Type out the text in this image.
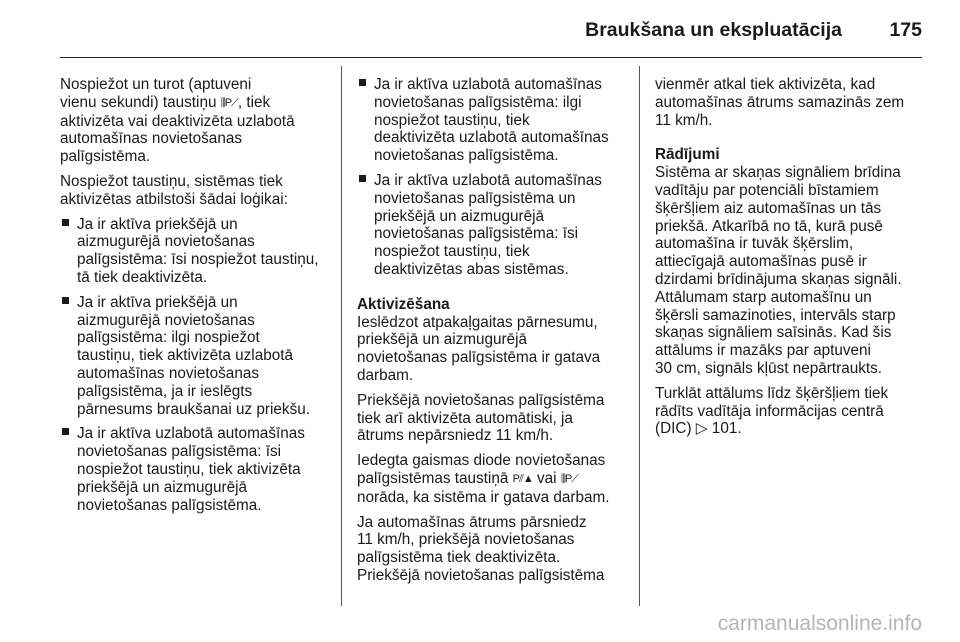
Braukšana un ekspluatācija 175

Nospiežot un turot (aptuveni
vienu sekundi) taustiņu ⫼P⟋, tiek
aktivizēta vai deaktivizēta uzlabotā
automašīnas novietošanas
palīgsistēma.

Nospiežot taustiņu, sistēmas tiek
aktivizētas atbilstoši šādai loģikai:

Ja ir aktīva priekšējā un
aizmugurējā novietošanas
palīgsistēma: īsi nospiežot taustiņu,
tā tiek deaktivizēta.
Ja ir aktīva priekšējā un
aizmugurējā novietošanas
palīgsistēma: ilgi nospiežot
taustiņu, tiek aktivizēta uzlabotā
automašīnas novietošanas
palīgsistēma, ja ir ieslēgts
pārnesums braukšanai uz priekšu.
Ja ir aktīva uzlabotā automašīnas
novietošanas palīgsistēma: īsi
nospiežot taustiņu, tiek aktivizēta
priekšējā un aizmugurējā
novietošanas palīgsistēma.
Ja ir aktīva uzlabotā automašīnas
novietošanas palīgsistēma: ilgi
nospiežot taustiņu, tiek
deaktivizēta uzlabotā automašīnas
novietošanas palīgsistēma.
Ja ir aktīva uzlabotā automašīnas
novietošanas palīgsistēma un
priekšējā un aizmugurējā
novietošanas palīgsistēma: īsi
nospiežot taustiņu, tiek
deaktivizētas abas sistēmas.

Aktivizēšana

Ieslēdzot atpakaļgaitas pārnesumu,
priekšējā un aizmugurējā
novietošanas palīgsistēma ir gatava
darbam.

Priekšējā novietošanas palīgsistēma
tiek arī aktivizēta automātiski, ja
ātrums nepārsniedz 11 km/h.

Iedegta gaismas diode novietošanas
palīgsistēmas taustiņā P⫽▲ vai ⫼P⟋
norāda, ka sistēma ir gatava darbam.

Ja automašīnas ātrums pārsniedz
11 km/h, priekšējā novietošanas
palīgsistēma tiek deaktivizēta.
Priekšējā novietošanas palīgsistēma

vienmēr atkal tiek aktivizēta, kad
automašīnas ātrums samazinās zem
11 km/h.

Rādījumi

Sistēma ar skaņas signāliem brīdina
vadītāju par potenciāli bīstamiem
šķēršļiem aiz automašīnas un tās
priekšā. Atkarībā no tā, kurā pusē
automašīna ir tuvāk šķērslim,
attiecīgajā automašīnas pusē ir
dzirdami brīdinājuma skaņas signāli.
Attālumam starp automašīnu un
šķērsli samazinoties, intervāls starp
skaņas signāliem saīsinās. Kad šis
attālums ir mazāks par aptuveni
30 cm, signāls kļūst nepārtraukts.

Turklāt attālums līdz šķēršļiem tiek
rādīts vadītāja informācijas centrā
(DIC) ▷ 101.

carmanualsonline.info
